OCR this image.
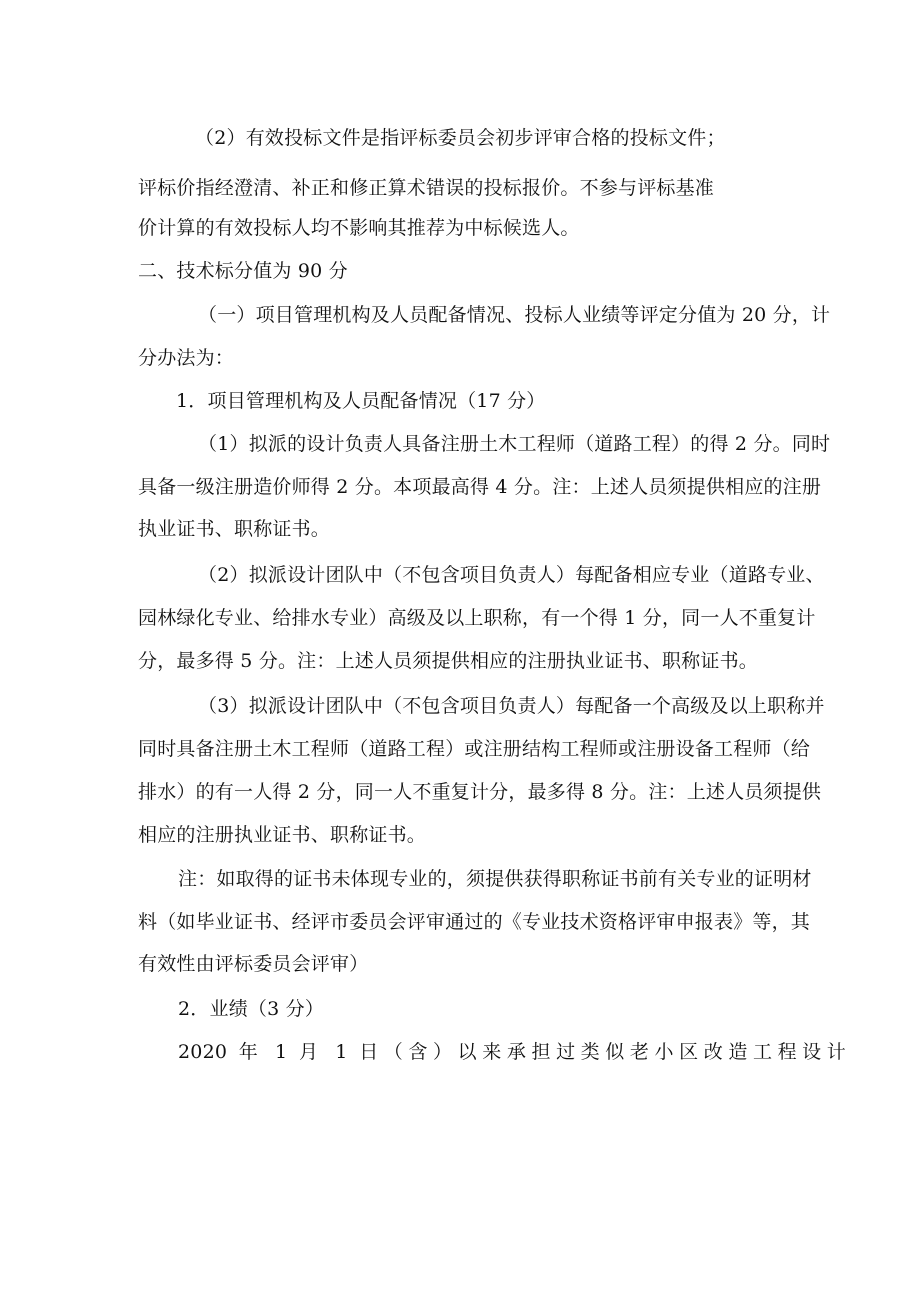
（2）有效投标文件是指评标委员会初步评审合格的投标文件；
评标价指经澄清、补正和修正算术错误的投标报价。不参与评标基准
价计算的有效投标人均不影响其推荐为中标候选人。
二、技术标分值为 90 分
（一）项目管理机构及人员配备情况、投标人业绩等评定分值为 20 分，计
分办法为：
1．项目管理机构及人员配备情况（17 分）
（1）拟派的设计负责人具备注册土木工程师（道路工程）的得 2 分。同时
具备一级注册造价师得 2 分。本项最高得 4 分。注：上述人员须提供相应的注册
执业证书、职称证书。
（2）拟派设计团队中（不包含项目负责人）每配备相应专业（道路专业、
园林绿化专业、给排水专业）高级及以上职称，有一个得 1 分，同一人不重复计
分，最多得 5 分。注：上述人员须提供相应的注册执业证书、职称证书。
（3）拟派设计团队中（不包含项目负责人）每配备一个高级及以上职称并
同时具备注册土木工程师（道路工程）或注册结构工程师或注册设备工程师（给
排水）的有一人得 2 分，同一人不重复计分，最多得 8 分。注：上述人员须提供
相应的注册执业证书、职称证书。
注：如取得的证书未体现专业的，须提供获得职称证书前有关专业的证明材
料（如毕业证书、经评市委员会评审通过的《专业技术资格评审申报表》等，其
有效性由评标委员会评审）
2．业绩（3 分）
2020 年 1 月 1 日（含）以来承担过类似老小区改造工程设计
